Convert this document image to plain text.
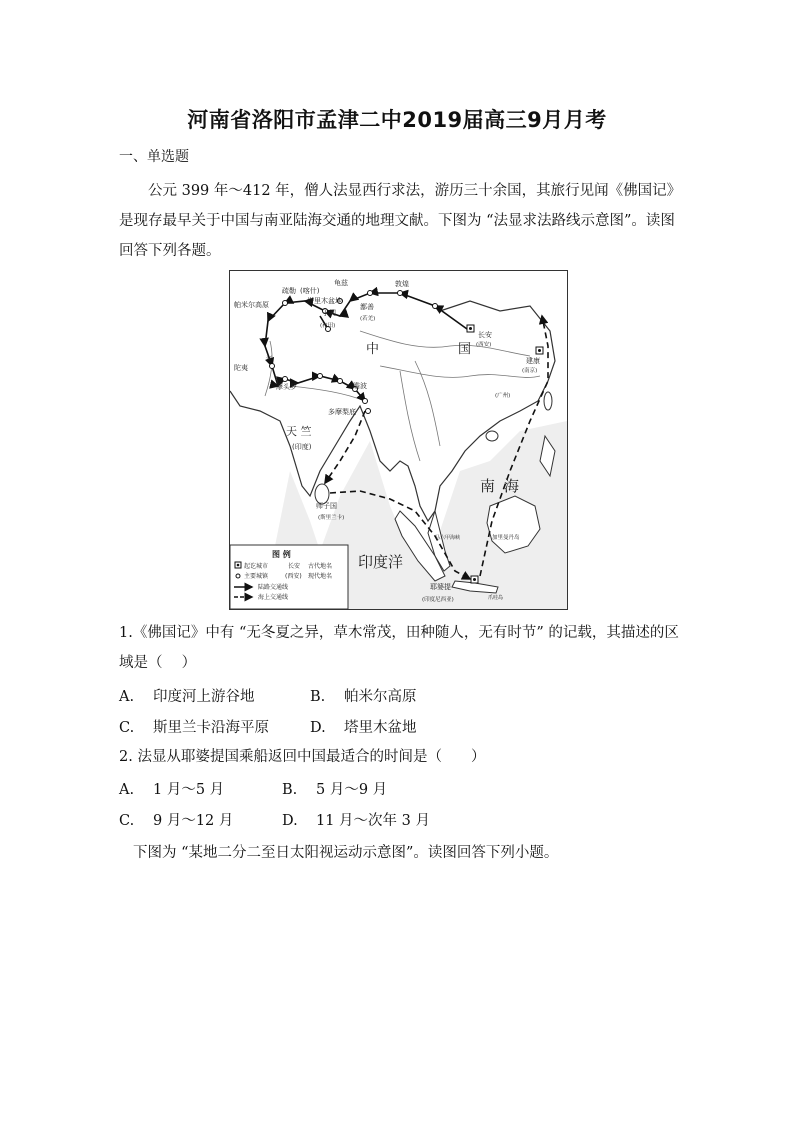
河南省洛阳市孟津二中2019届高三9月月考
一、单选题
公元 399 年～412 年，僧人法显西行求法，游历三十余国，其旅行见闻《佛国记》是现存最早关于中国与南亚陆海交通的地理文献。下图为 “法显求法路线示意图”。读图回答下列各题。
龟兹
疏勒 (喀什)
塔里木盆地
帕米尔高原
于阗
(和田)
敦煌
鄯善
(若羌)
长安
(西安)
建康
(南京)
(广州)
陀夷
摩头罗	瞻波
多摩梨底
师子国
(斯里兰卡)
耶婆提
(印度尼西亚)
加里曼丹岛
爪哇岛
河
马六甲海峡
中	国
南 海
印度洋
天 竺
(印度)
图 例
起讫城市	长安 古代地名
主要城镇	(西安) 现代地名
陆路交通线
海上交通线
1.《佛国记》中有 “无冬夏之异，草木常茂，田种随人，无有时节” 的记载，其描述的区域是（　 ）
A. 印度河上游谷地	B. 帕米尔高原
C. 斯里兰卡沿海平原	D. 塔里木盆地
2. 法显从耶婆提国乘船返回中国最适合的时间是（　　）
A. 1 月～5 月	B. 5 月～9 月
C. 9 月～12 月	D. 11 月～次年 3 月
下图为 “某地二分二至日太阳视运动示意图”。读图回答下列小题。
